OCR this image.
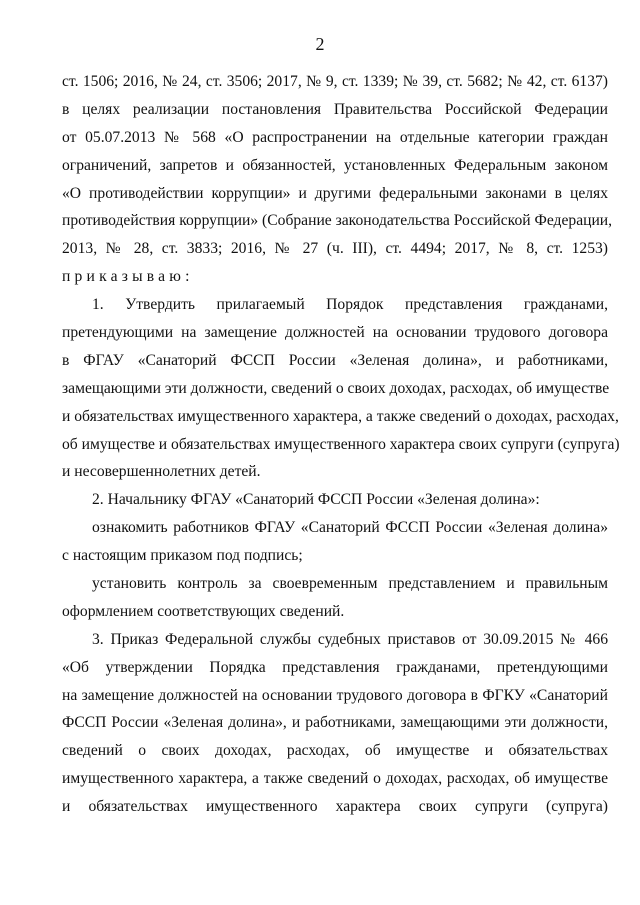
2
ст. 1506; 2016, № 24, ст. 3506; 2017, № 9, ст. 1339; № 39, ст. 5682; № 42, ст. 6137)
в целях реализации постановления Правительства Российской Федерации
от 05.07.2013 № 568 «О распространении на отдельные категории граждан
ограничений, запретов и обязанностей, установленных Федеральным законом
«О противодействии коррупции» и другими федеральными законами в целях
противодействия коррупции» (Собрание законодательства Российской Федерации,
2013, № 28, ст. 3833; 2016, № 27 (ч. III), ст. 4494; 2017, № 8, ст. 1253)
приказываю:
1. Утвердить прилагаемый Порядок представления гражданами,
претендующими на замещение должностей на основании трудового договора
в ФГАУ «Санаторий ФССП России «Зеленая долина», и работниками,
замещающими эти должности, сведений о своих доходах, расходах, об имуществе
и обязательствах имущественного характера, а также сведений о доходах, расходах,
об имуществе и обязательствах имущественного характера своих супруги (супруга)
и несовершеннолетних детей.
2. Начальнику ФГАУ «Санаторий ФССП России «Зеленая долина»:
ознакомить работников ФГАУ «Санаторий ФССП России «Зеленая долина»
с настоящим приказом под подпись;
установить контроль за своевременным представлением и правильным
оформлением соответствующих сведений.
3. Приказ Федеральной службы судебных приставов от 30.09.2015 № 466
«Об утверждении Порядка представления гражданами, претендующими
на замещение должностей на основании трудового договора в ФГКУ «Санаторий
ФССП России «Зеленая долина», и работниками, замещающими эти должности,
сведений о своих доходах, расходах, об имуществе и обязательствах
имущественного характера, а также сведений о доходах, расходах, об имуществе
и обязательствах имущественного характера своих супруги (супруга)
